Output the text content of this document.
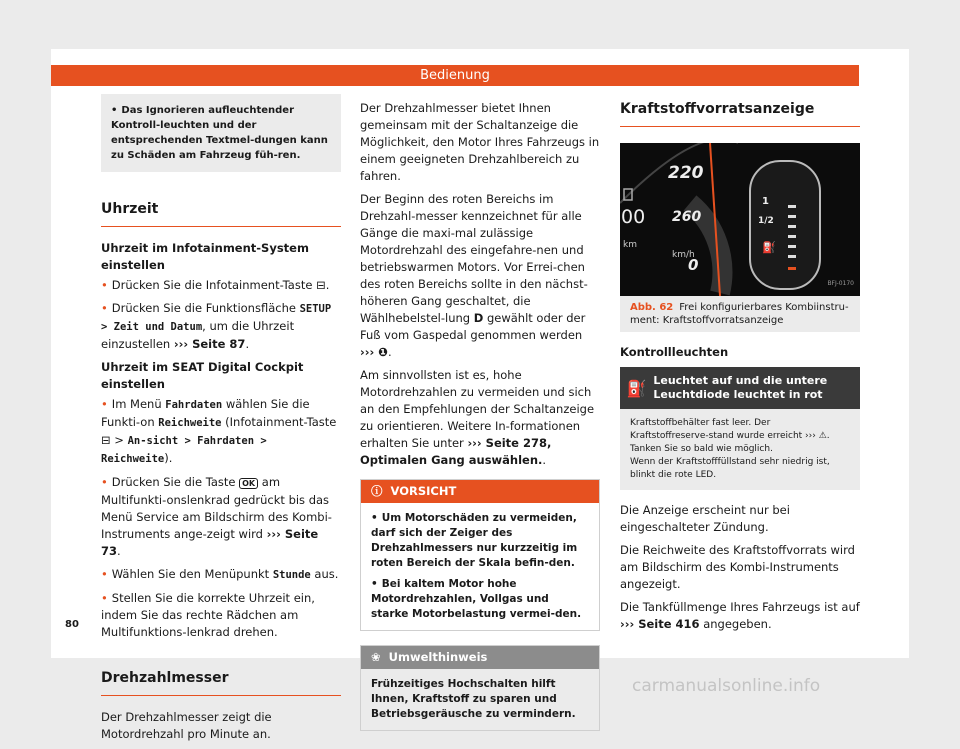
Bedienung
• Das Ignorieren aufleuchtender Kontroll-leuchten und der entsprechenden Textmel-dungen kann zu Schäden am Fahrzeug füh-ren.
Uhrzeit

Uhrzeit im Infotainment-System einstellen

• Drücken Sie die Infotainment-Taste ⊟.

• Drücken Sie die Funktionsfläche SETUP > Zeit und Datum, um die Uhrzeit einzustellen ››› Seite 87.

Uhrzeit im SEAT Digital Cockpit einstellen

• Im Menü Fahrdaten wählen Sie die Funkti-on Reichweite (Infotainment-Taste ⊟ > An-sicht > Fahrdaten > Reichweite).

• Drücken Sie die Taste OK am Multifunkti-onslenkrad gedrückt bis das Menü Service am Bildschirm des Kombi-Instruments ange-zeigt wird ››› Seite 73.

• Wählen Sie den Menüpunkt Stunde aus.

• Stellen Sie die korrekte Uhrzeit ein, indem Sie das rechte Rädchen am Multifunktions-lenkrad drehen.

Drehzahlmesser

Der Drehzahlmesser zeigt die Motordrehzahl pro Minute an.

Der Drehzahlmesser bietet Ihnen gemeinsam mit der Schaltanzeige die Möglichkeit, den Motor Ihres Fahrzeugs in einem geeigneten Drehzahlbereich zu fahren.

Der Beginn des roten Bereichs im Drehzahl-messer kennzeichnet für alle Gänge die maxi-mal zulässige Motordrehzahl des eingefahre-nen und betriebswarmen Motors. Vor Errei-chen des roten Bereichs sollte in den nächst-höheren Gang geschaltet, die Wählhebelstel-lung D gewählt oder der Fuß vom Gaspedal genommen werden ››› ❶.

Am sinnvollsten ist es, hohe Motordrehzahlen zu vermeiden und sich an den Empfehlungen der Schaltanzeige zu orientieren. Weitere In-formationen erhalten Sie unter ››› Seite 278, Optimalen Gang auswählen..

ⓘ VORSICHT

• Um Motorschäden zu vermeiden, darf sich der Zeiger des Drehzahlmessers nur kurzzeitig im roten Bereich der Skala befin-den.

• Bei kaltem Motor hohe Motordrehzahlen, Vollgas und starke Motorbelastung vermei-den.

❀ Umwelthinweis
Frühzeitiges Hochschalten hilft Ihnen, Kraftstoff zu sparen und Betriebsgeräusche zu vermindern.
Kraftstoffvorratsanzeige
220
260
00
km
km/h
0
1
1/2
⛽
BFJ-0170
Abb. 62 Frei konfigurierbares Kombiinstru-ment: Kraftstoffvorratsanzeige

Kontrollleuchten

⛽ Leuchtet auf und die untere Leuchtdiode leuchtet in rot
Kraftstoffbehälter fast leer. Der Kraftstoffreserve-stand wurde erreicht ››› ⚠. Tanken Sie so bald wie möglich.
Wenn der Kraftstofffüllstand sehr niedrig ist, blinkt die rote LED.

Die Anzeige erscheint nur bei eingeschalteter Zündung.

Die Reichweite des Kraftstoffvorrats wird am Bildschirm des Kombi-Instruments angezeigt.

Die Tankfüllmenge Ihres Fahrzeugs ist auf ››› Seite 416 angegeben.

80
carmanualsonline.info
